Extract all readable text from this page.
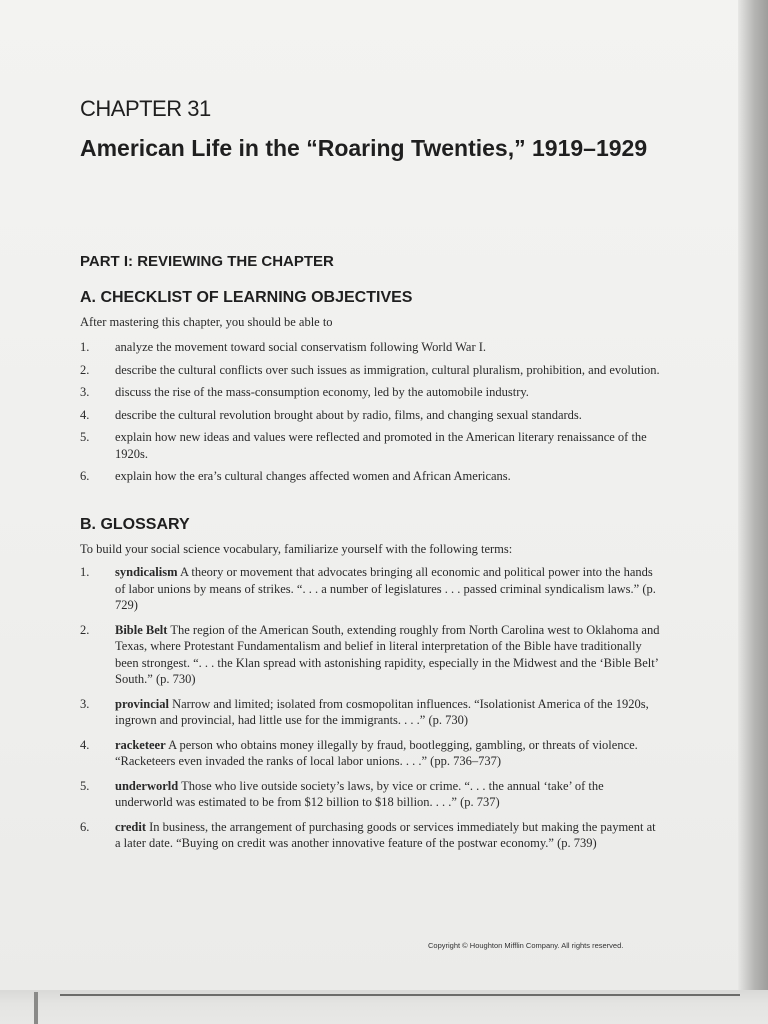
CHAPTER 31
American Life in the “Roaring Twenties,” 1919–1929
PART I: REVIEWING THE CHAPTER
A. CHECKLIST OF LEARNING OBJECTIVES
After mastering this chapter, you should be able to
1. analyze the movement toward social conservatism following World War I.
2. describe the cultural conflicts over such issues as immigration, cultural pluralism, prohibition, and evolution.
3. discuss the rise of the mass-consumption economy, led by the automobile industry.
4. describe the cultural revolution brought about by radio, films, and changing sexual standards.
5. explain how new ideas and values were reflected and promoted in the American literary renaissance of the 1920s.
6. explain how the era’s cultural changes affected women and African Americans.
B. GLOSSARY
To build your social science vocabulary, familiarize yourself with the following terms:
1. syndicalism A theory or movement that advocates bringing all economic and political power into the hands of labor unions by means of strikes. “. . . a number of legislatures . . . passed criminal syndicalism laws.” (p. 729)
2. Bible Belt The region of the American South, extending roughly from North Carolina west to Oklahoma and Texas, where Protestant Fundamentalism and belief in literal interpretation of the Bible have traditionally been strongest. “. . . the Klan spread with astonishing rapidity, especially in the Midwest and the ‘Bible Belt’ South.” (p. 730)
3. provincial Narrow and limited; isolated from cosmopolitan influences. “Isolationist America of the 1920s, ingrown and provincial, had little use for the immigrants. . . .” (p. 730)
4. racketeer A person who obtains money illegally by fraud, bootlegging, gambling, or threats of violence. “Racketeers even invaded the ranks of local labor unions. . . .” (pp. 736–737)
5. underworld Those who live outside society’s laws, by vice or crime. “. . . the annual ‘take’ of the underworld was estimated to be from $12 billion to $18 billion. . . .” (p. 737)
6. credit In business, the arrangement of purchasing goods or services immediately but making the payment at a later date. “Buying on credit was another innovative feature of the postwar economy.” (p. 739)
Copyright © Houghton Mifflin Company. All rights reserved.
